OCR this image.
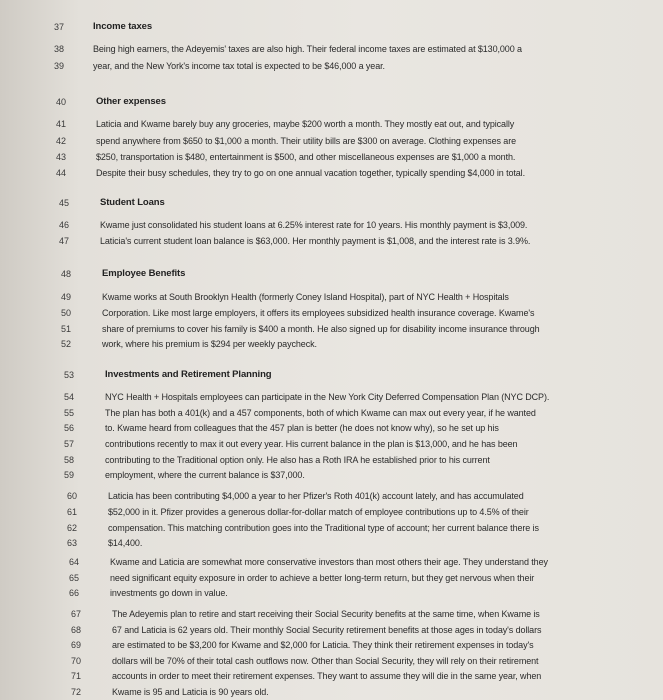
37	Income taxes
38	Being high earners, the Adeyemis' taxes are also high. Their federal income taxes are estimated at $130,000 a
39	year, and the New York's income tax total is expected to be $46,000 a year.
40	Other expenses
41	Laticia and Kwame barely buy any groceries, maybe $200 worth a month. They mostly eat out, and typically
42	spend anywhere from $650 to $1,000 a month. Their utility bills are $300 on average. Clothing expenses are
43	$250, transportation is $480, entertainment is $500, and other miscellaneous expenses are $1,000 a month.
44	Despite their busy schedules, they try to go on one annual vacation together, typically spending $4,000 in total.
45	Student Loans
46	Kwame just consolidated his student loans at 6.25% interest rate for 10 years. His monthly payment is $3,009.
47	Laticia's current student loan balance is $63,000. Her monthly payment is $1,008, and the interest rate is 3.9%.
48	Employee Benefits
49	Kwame works at South Brooklyn Health (formerly Coney Island Hospital), part of NYC Health + Hospitals
50	Corporation. Like most large employers, it offers its employees subsidized health insurance coverage. Kwame's
51	share of premiums to cover his family is $400 a month. He also signed up for disability income insurance through
52	work, where his premium is $294 per weekly paycheck.
53	Investments and Retirement Planning
54	NYC Health + Hospitals employees can participate in the New York City Deferred Compensation Plan (NYC DCP).
55	The plan has both a 401(k) and a 457 components, both of which Kwame can max out every year, if he wanted
56	to. Kwame heard from colleagues that the 457 plan is better (he does not know why), so he set up his
57	contributions recently to max it out every year. His current balance in the plan is $13,000, and he has been
58	contributing to the Traditional option only. He also has a Roth IRA he established prior to his current
59	employment, where the current balance is $37,000.
60	Laticia has been contributing $4,000 a year to her Pfizer's Roth 401(k) account lately, and has accumulated
61	$52,000 in it. Pfizer provides a generous dollar-for-dollar match of employee contributions up to 4.5% of their
62	compensation. This matching contribution goes into the Traditional type of account; her current balance there is
63	$14,400.
64	Kwame and Laticia are somewhat more conservative investors than most others their age. They understand they
65	need significant equity exposure in order to achieve a better long-term return, but they get nervous when their
66	investments go down in value.
67	The Adeyemis plan to retire and start receiving their Social Security benefits at the same time, when Kwame is
68	67 and Laticia is 62 years old. Their monthly Social Security retirement benefits at those ages in today's dollars
69	are estimated to be $3,200 for Kwame and $2,000 for Laticia. They think their retirement expenses in today's
70	dollars will be 70% of their total cash outflows now. Other than Social Security, they will rely on their retirement
71	accounts in order to meet their retirement expenses. They want to assume they will die in the same year, when
72	Kwame is 95 and Laticia is 90 years old.
